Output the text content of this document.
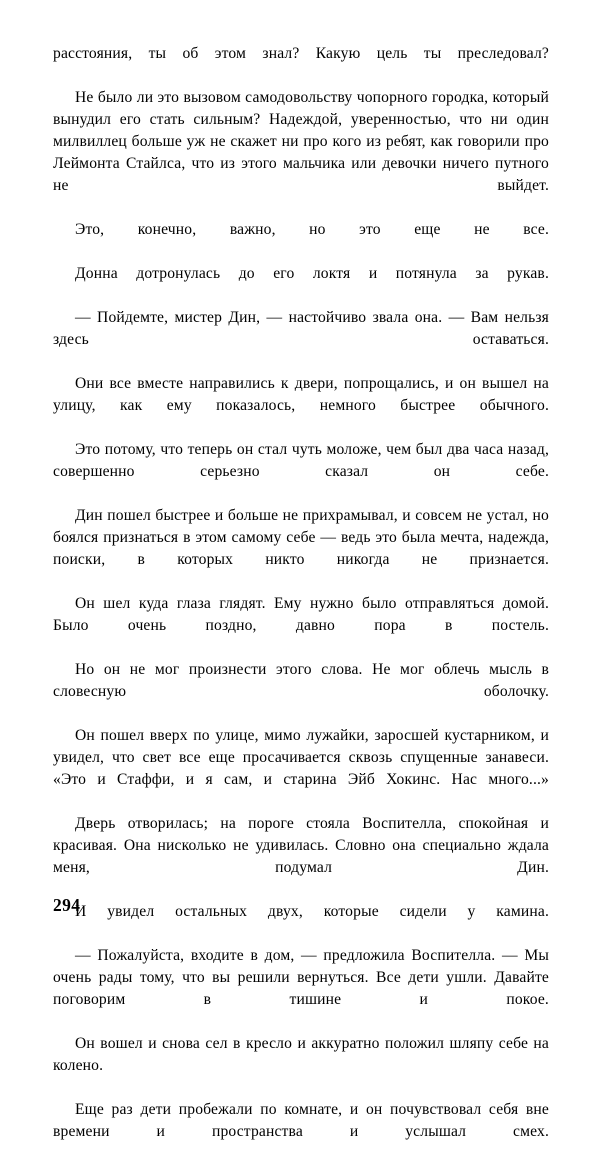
расстояния, ты об этом знал? Какую цель ты преследовал?

Не было ли это вызовом самодовольству чопорного городка, который вынудил его стать сильным? Надеждой, уверенностью, что ни один милвиллец больше уж не скажет ни про кого из ребят, как говорили про Леймонта Стайлса, что из этого мальчика или девочки ничего путного не выйдет.

Это, конечно, важно, но это еще не все.

Донна дотронулась до его локтя и потянула за рукав.

— Пойдемте, мистер Дин, — настойчиво звала она. — Вам нельзя здесь оставаться.

Они все вместе направились к двери, попрощались, и он вышел на улицу, как ему показалось, немного быстрее обычного.

Это потому, что теперь он стал чуть моложе, чем был два часа назад, совершенно серьезно сказал он себе.

Дин пошел быстрее и больше не прихрамывал, и совсем не устал, но боялся признаться в этом самому себе — ведь это была мечта, надежда, поиски, в которых никто никогда не признается.

Он шел куда глаза глядят. Ему нужно было отправляться домой. Было очень поздно, давно пора в постель.

Но он не мог произнести этого слова. Не мог облечь мысль в словесную оболочку.

Он пошел вверх по улице, мимо лужайки, заросшей кустарником, и увидел, что свет все еще просачивается сквозь спущенные занавеси. «Это и Стаффи, и я сам, и старина Эйб Хокинс. Нас много...»

Дверь отворилась; на пороге стояла Воспителла, спокойная и красивая. Она нисколько не удивилась. Словно она специально ждала меня, подумал Дин.

И увидел остальных двух, которые сидели у камина.

— Пожалуйста, входите в дом, — предложила Воспителла. — Мы очень рады тому, что вы решили вернуться. Все дети ушли. Давайте поговорим в тишине и покое.

Он вошел и снова сел в кресло и аккуратно положил шляпу себе на колено.

Еще раз дети пробежали по комнате, и он почувствовал себя вне времени и пространства и услышал смех.

294
